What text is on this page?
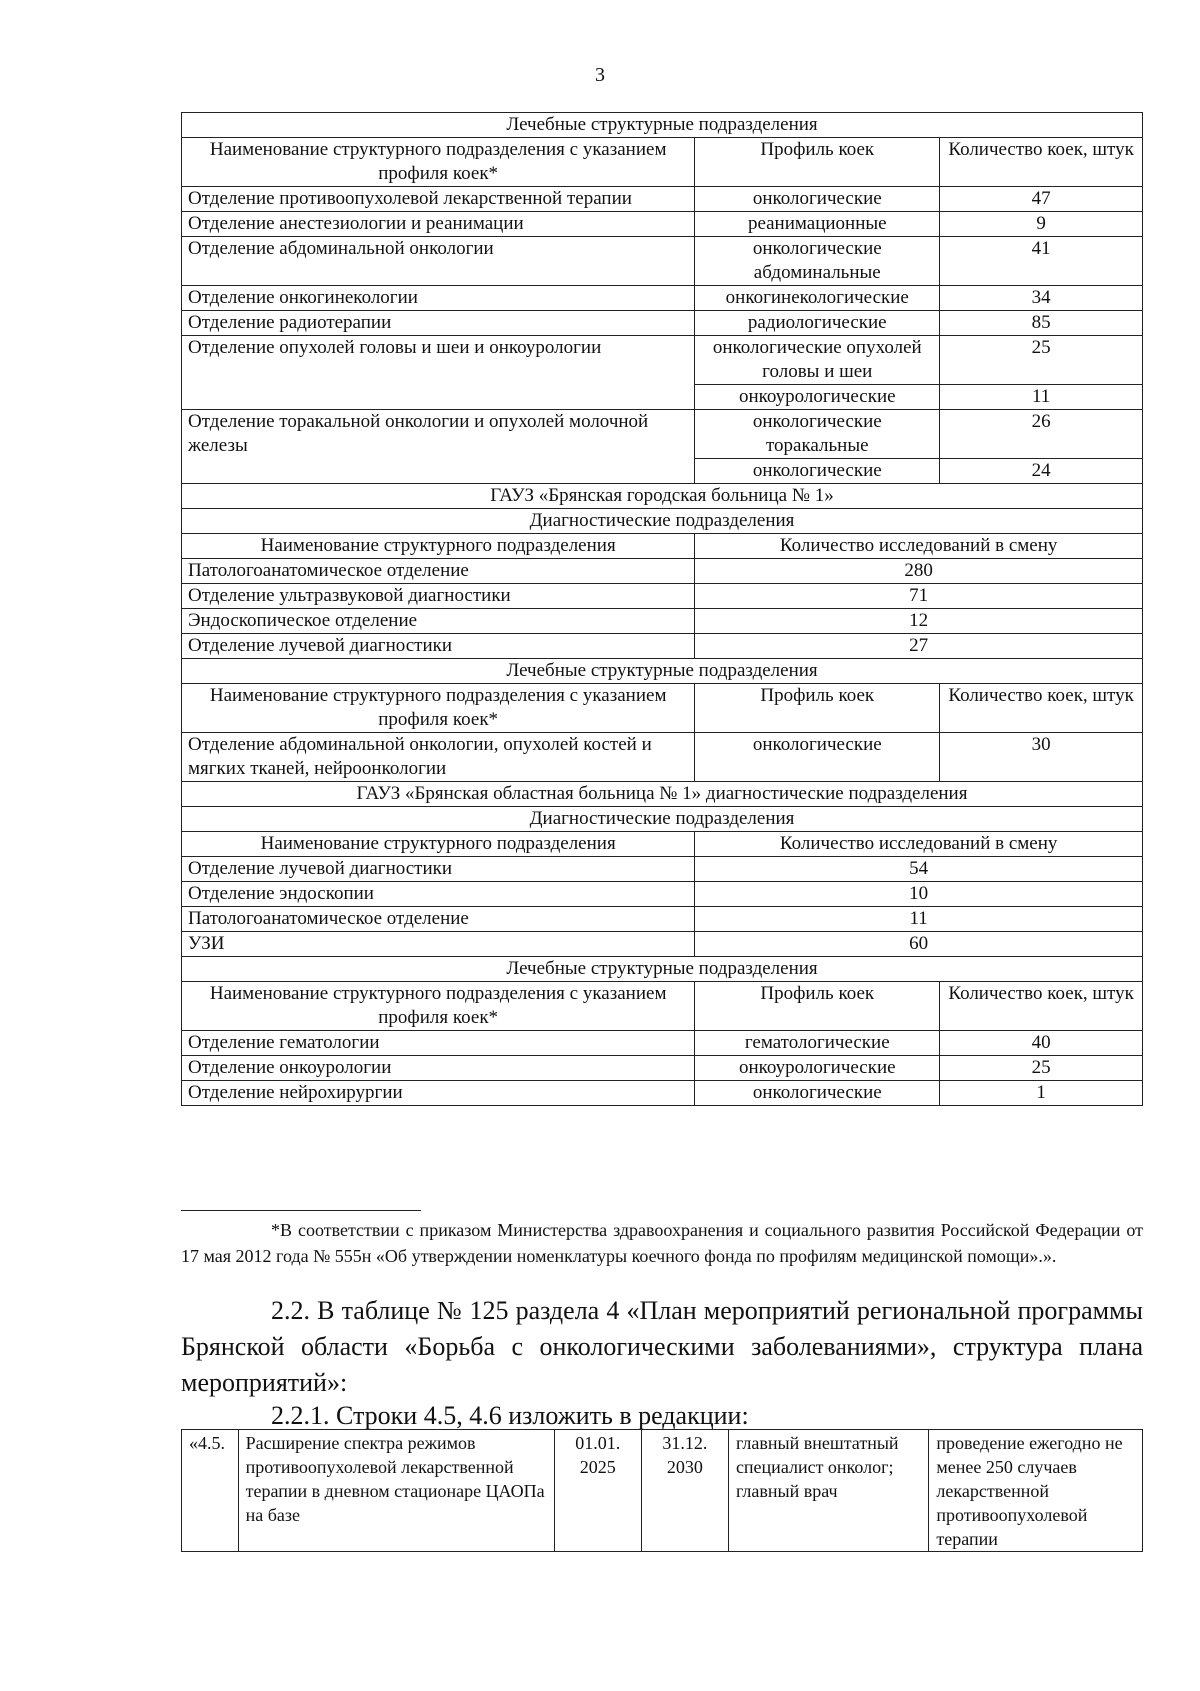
3
Лечебные структурные подразделения		
Наименование структурного подразделения с указанием профиля коек*	Профиль коек	Количество коек, штук
Отделение противоопухолевой лекарственной терапии	онкологические	47
Отделение анестезиологии и реанимации	реанимационные	9
Отделение абдоминальной онкологии	онкологические абдоминальные	41
Отделение онкогинекологии	онкогинекологические	34
Отделение радиотерапии	радиологические	85
Отделение опухолей головы и шеи и онкоурологии	онкологические опухолей головы и шеи	25
	онкоурологические	11
Отделение торакальной онкологии и опухолей молочной железы	онкологические торакальные	26
	онкологические	24
ГАУЗ «Брянская городская больница № 1»		
Диагностические подразделения		
Наименование структурного подразделения	Количество исследований в смену	
Патологоанатомическое отделение	280	
Отделение ультразвуковой диагностики	71	
Эндоскопическое отделение	12	
Отделение лучевой диагностики	27	
Лечебные структурные подразделения		
Наименование структурного подразделения с указанием профиля коек*	Профиль коек	Количество коек, штук
Отделение абдоминальной онкологии, опухолей костей и мягких тканей, нейроонкологии	онкологические	30
ГАУЗ «Брянская областная больница № 1» диагностические подразделения		
Диагностические подразделения		
Наименование структурного подразделения	Количество исследований в смену	
Отделение лучевой диагностики	54	
Отделение эндоскопии	10	
Патологоанатомическое отделение	11	
УЗИ	60	
Лечебные структурные подразделения		
Наименование структурного подразделения с указанием профиля коек*	Профиль коек	Количество коек, штук
Отделение гематологии	гематологические	40
Отделение онкоурологии	онкоурологические	25
Отделение нейрохирургии	онкологические	1
*В соответствии с приказом Министерства здравоохранения и социального развития Российской Федерации от 17 мая 2012 года № 555н «Об утверждении номенклатуры коечного фонда по профилям медицинской помощи».».
2.2. В таблице № 125 раздела 4 «План мероприятий региональной программы Брянской области «Борьба с онкологическими заболеваниями», структура плана мероприятий»:
2.2.1. Строки 4.5, 4.6 изложить в редакции:
«4.5.	Расширение спектра режимов противоопухолевой лекарственной терапии в дневном стационаре ЦАОПа на базе	01.01. 2025	31.12. 2030	главный внештатный специалист онколог; главный врач	проведение ежегодно не менее 250 случаев лекарственной противоопухолевой терапии
